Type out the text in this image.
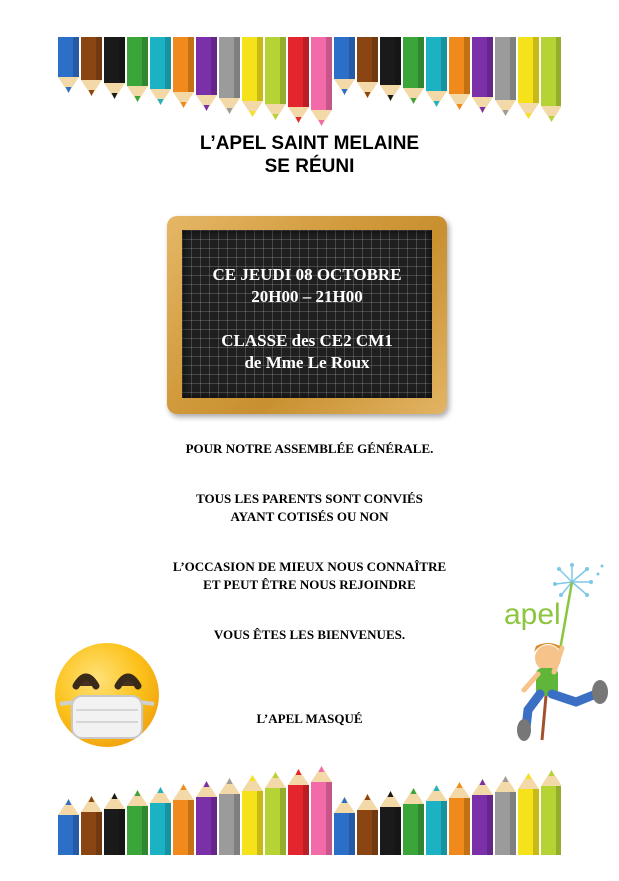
L’APEL SAINT MELAINE
SE RÉUNI
CE JEUDI 08 OCTOBRE
20H00 – 21H00
CLASSE des CE2 CM1
de Mme Le Roux
POUR NOTRE ASSEMBLÉE GÉNÉRALE.
TOUS LES PARENTS SONT CONVIÉS
AYANT COTISÉS OU NON
L’OCCASION DE MIEUX NOUS CONNAÎTRE
ET PEUT ÊTRE NOUS REJOINDRE
VOUS ÊTES LES BIENVENUES.
L’APEL MASQUÉ
apel
